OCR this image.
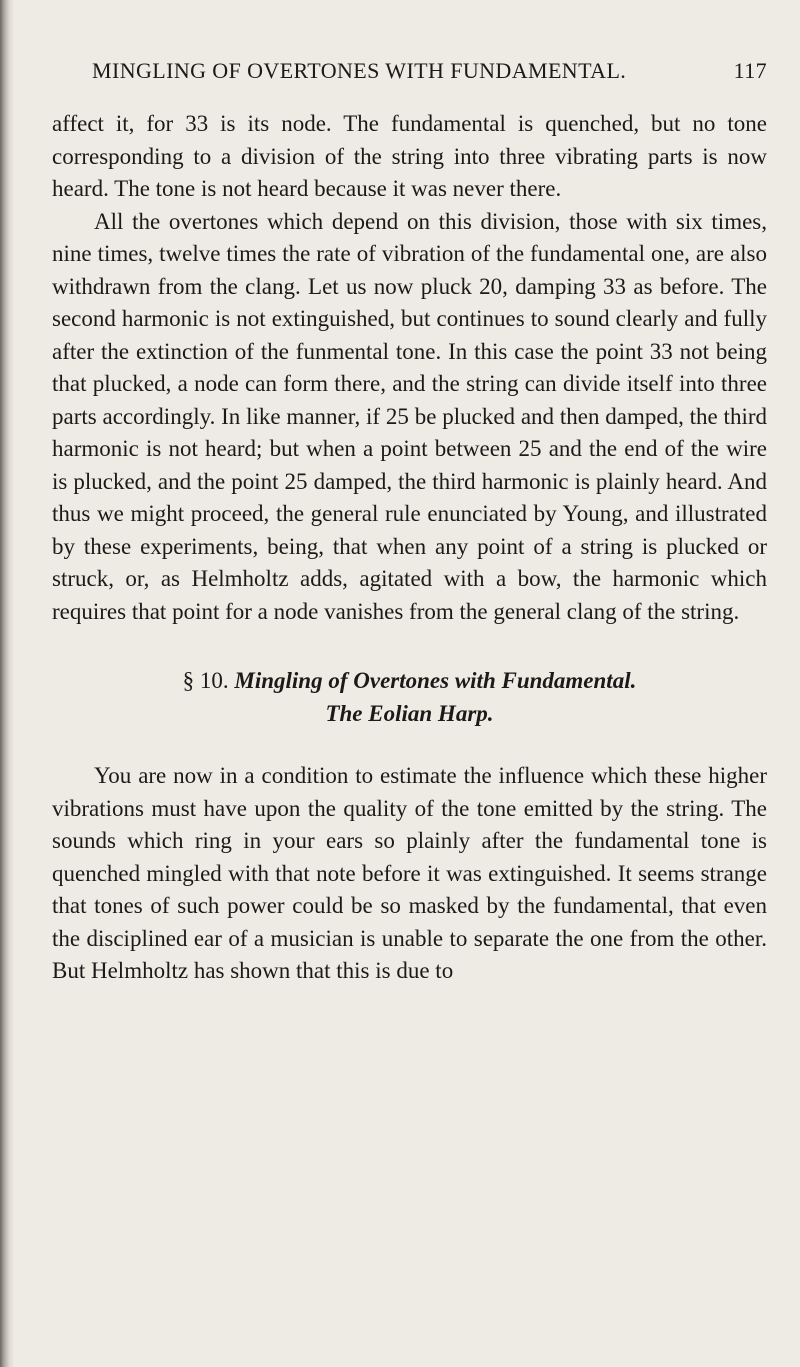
MINGLING OF OVERTONES WITH FUNDAMENTAL.	117

affect it, for 33 is its node. The fundamental is quenched, but no tone corresponding to a division of the string into three vibrating parts is now heard. The tone is not heard because it was never there.

All the overtones which depend on this division, those with six times, nine times, twelve times the rate of vibration of the fundamental one, are also withdrawn from the clang. Let us now pluck 20, damping 33 as before. The second harmonic is not extinguished, but continues to sound clearly and fully after the extinction of the funmental tone. In this case the point 33 not being that plucked, a node can form there, and the string can divide itself into three parts accordingly. In like manner, if 25 be plucked and then damped, the third harmonic is not heard; but when a point between 25 and the end of the wire is plucked, and the point 25 damped, the third harmonic is plainly heard. And thus we might proceed, the general rule enunciated by Young, and illustrated by these experiments, being, that when any point of a string is plucked or struck, or, as Helmholtz adds, agitated with a bow, the harmonic which requires that point for a node vanishes from the general clang of the string.

§ 10. Mingling of Overtones with Fundamental.
The Eolian Harp.

You are now in a condition to estimate the influence which these higher vibrations must have upon the quality of the tone emitted by the string. The sounds which ring in your ears so plainly after the fundamental tone is quenched mingled with that note before it was extinguished. It seems strange that tones of such power could be so masked by the fundamental, that even the disciplined ear of a musician is unable to separate the one from the other. But Helmholtz has shown that this is due to
